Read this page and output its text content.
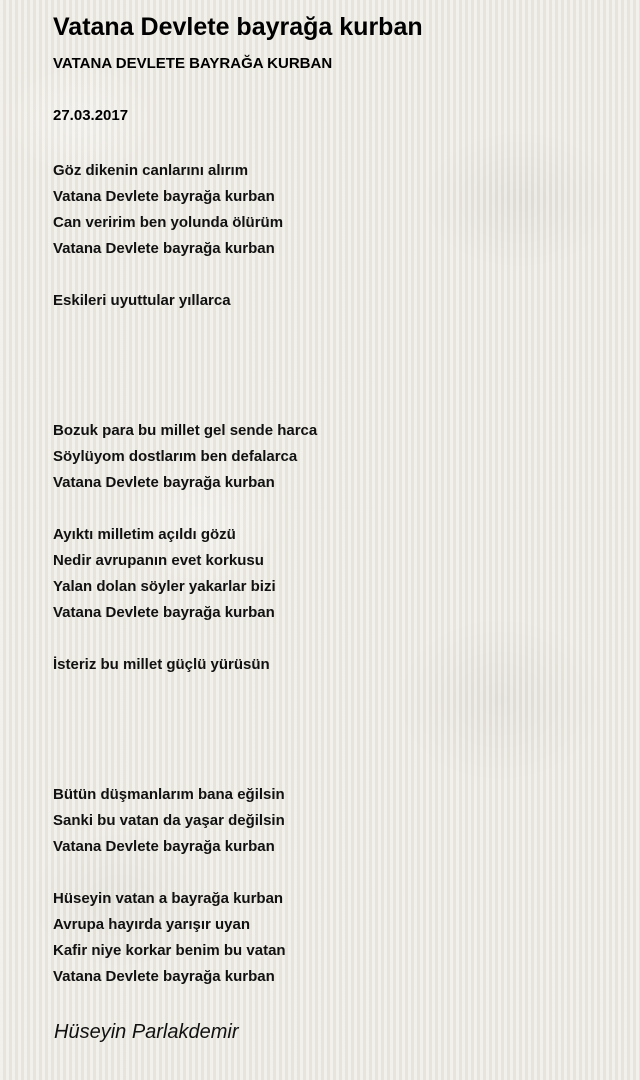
Vatana Devlete bayrağa kurban
VATANA DEVLETE BAYRAĞA KURBAN
27.03.2017
Göz dikenin canlarını alırım
Vatana Devlete bayrağa kurban
Can veririm ben yolunda ölürüm
Vatana Devlete bayrağa kurban
Eskileri uyuttular yıllarca
Bozuk para bu millet gel sende harca
Söylüyom dostlarım ben defalarca
Vatana Devlete bayrağa kurban
Ayıktı milletim açıldı gözü
Nedir avrupanın evet korkusu
Yalan dolan söyler yakarlar bizi
Vatana Devlete bayrağa kurban
İsteriz bu millet güçlü yürüsün
Bütün düşmanlarım bana eğilsin
Sanki bu vatan da yaşar değilsin
Vatana Devlete bayrağa kurban
Hüseyin vatan a bayrağa kurban
Avrupa hayırda yarışır uyan
Kafir niye korkar benim bu vatan
Vatana Devlete bayrağa kurban
Hüseyin Parlakdemir
